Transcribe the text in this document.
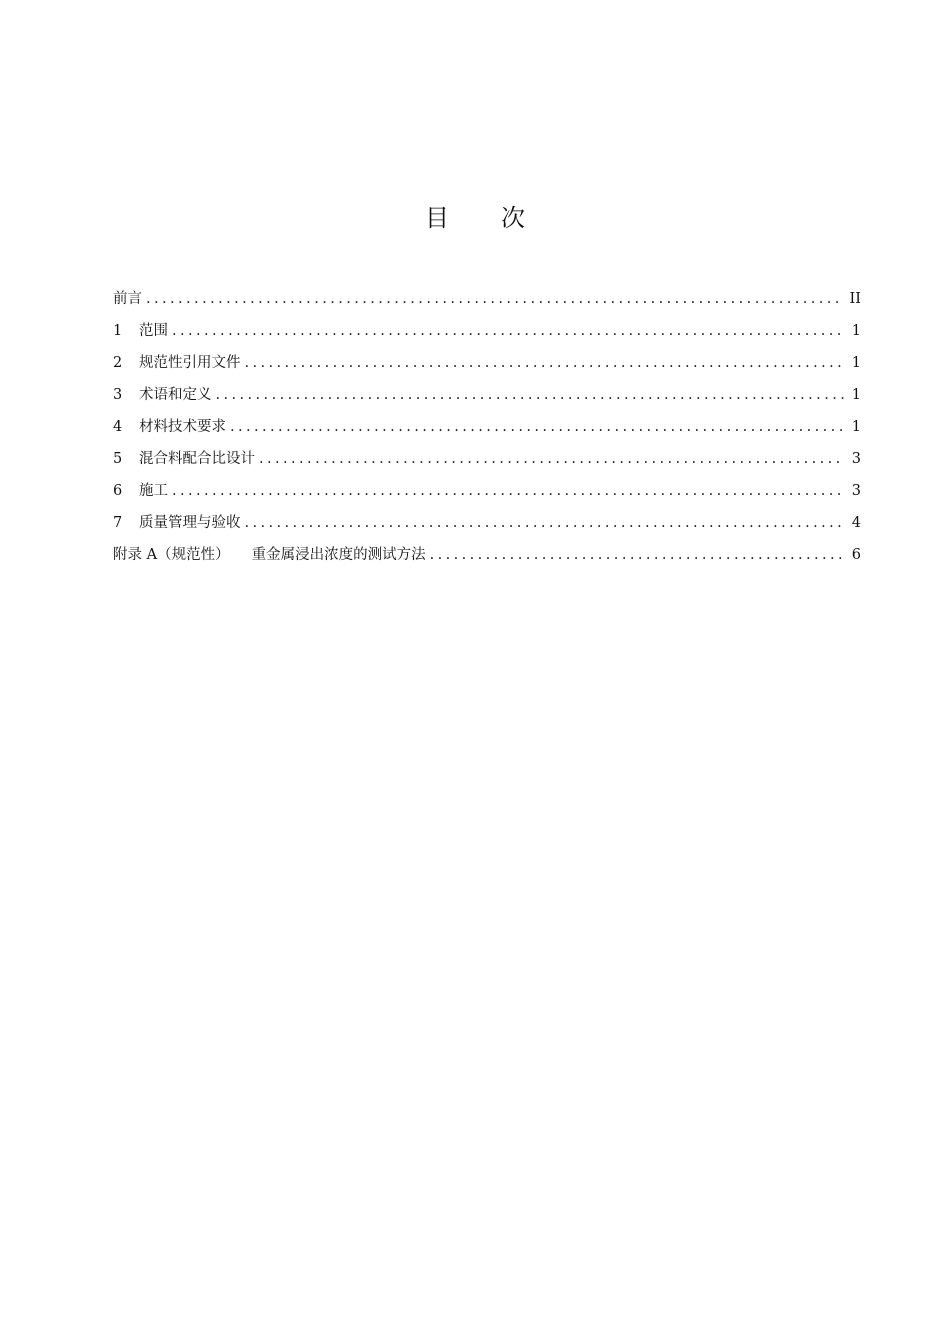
目 次
前言 .....	II
1	范围 .....	1
2	规范性引用文件 .....	1
3	术语和定义 .....	1
4	材料技术要求 .....	1
5	混合料配合比设计 .....	3
6	施工 .....	3
7	质量管理与验收 .....	4
附录 A（规范性） 重金属浸出浓度的测试方法 .....	6
